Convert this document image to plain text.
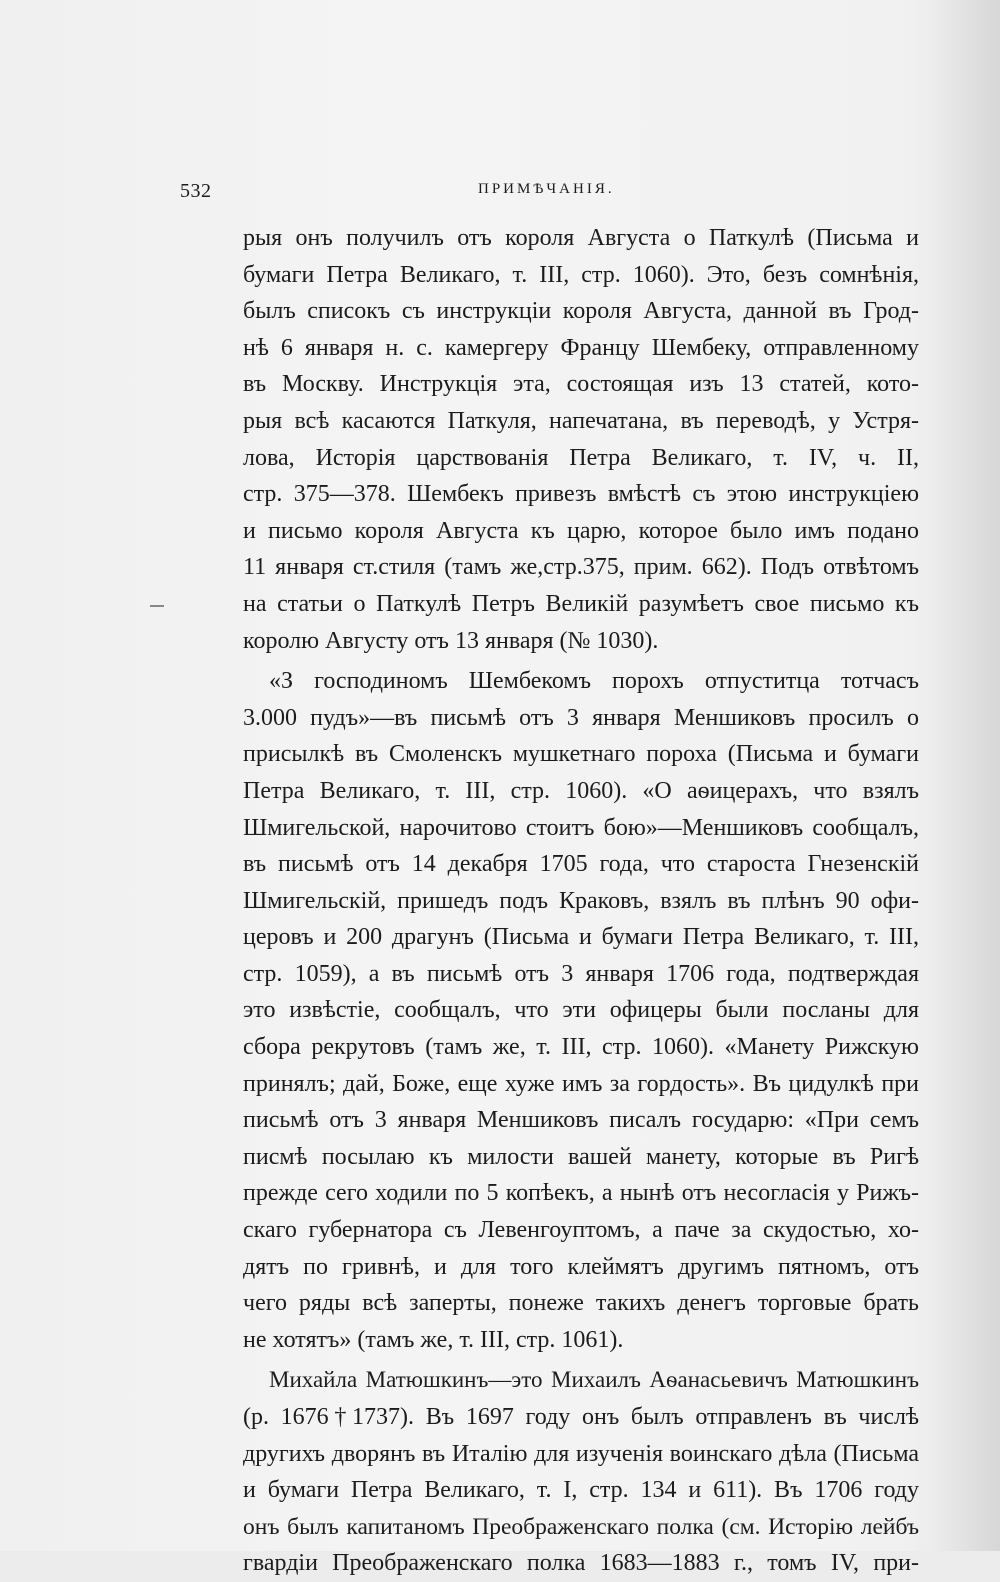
532	ПРИМѢЧАНІЯ.
рыя онъ получилъ отъ короля Августа о Паткулѣ (Письма и
бумаги Петра Великаго, т. III, стр. 1060). Это, безъ сомнѣнія,
былъ списокъ съ инструкціи короля Августа, данной въ Грод-
нѣ 6 января н. с. камергеру Францу Шембеку, отправленному
въ Москву. Инструкція эта, состоящая изъ 13 статей, кото-
рыя всѣ касаются Паткуля, напечатана, въ переводѣ, у Устря-
лова, Исторія царствованія Петра Великаго, т. IV, ч. II,
стр. 375—378. Шембекъ привезъ вмѣстѣ съ этою инструкціею
и письмо короля Августа къ царю, которое было имъ подано
11 января ст.стиля (тамъ же,стр.375, прим. 662). Подъ отвѣтомъ
на статьи о Паткулѣ Петръ Великій разумѣетъ свое письмо къ
королю Августу отъ 13 января (№ 1030).
«З господиномъ Шембекомъ порохъ отпуститца тотчасъ
3.000 пудъ»—въ письмѣ отъ 3 января Меншиковъ просилъ о
присылкѣ въ Смоленскъ мушкетнаго пороха (Письма и бумаги
Петра Великаго, т. III, стр. 1060). «О аѳицерахъ, что взялъ
Шмигельской, нарочитово стоитъ бою»—Меншиковъ сообщалъ,
въ письмѣ отъ 14 декабря 1705 года, что староста Гнезенскій
Шмигельскій, пришедъ подъ Краковъ, взялъ въ плѣнъ 90 офи-
церовъ и 200 драгунъ (Письма и бумаги Петра Великаго, т. III,
стр. 1059), а въ письмѣ отъ 3 января 1706 года, подтверждая
это извѣстіе, сообщалъ, что эти офицеры были посланы для
сбора рекрутовъ (тамъ же, т. III, стр. 1060). «Манету Рижскую
принялъ; дай, Боже, еще хуже имъ за гордость». Въ цидулкѣ при
письмѣ отъ 3 января Меншиковъ писалъ государю: «При семъ
писмѣ посылаю къ милости вашей манету, которые въ Ригѣ
прежде сего ходили по 5 копѣекъ, а нынѣ отъ несогласія у Рижъ-
скаго губернатора съ Левенгоуптомъ, а паче за скудостью, хо-
дятъ по гривнѣ, и для того клеймятъ другимъ пятномъ, отъ
чего ряды всѣ заперты, понеже такихъ денегъ торговые брать
не хотятъ» (тамъ же, т. III, стр. 1061).
Михайла Матюшкинъ—это Михаилъ Аѳанасьевичъ Матюшкинъ
(р. 1676†1737). Въ 1697 году онъ былъ отправленъ въ числѣ
другихъ дворянъ въ Италію для изученія воинскаго дѣла (Письма
и бумаги Петра Великаго, т. I, стр. 134 и 611). Въ 1706 году
онъ былъ капитаномъ Преображенскаго полка (см. Исторію лейбъ
гвардіи Преображенскаго полка 1683—1883 г., томъ IV, при-
